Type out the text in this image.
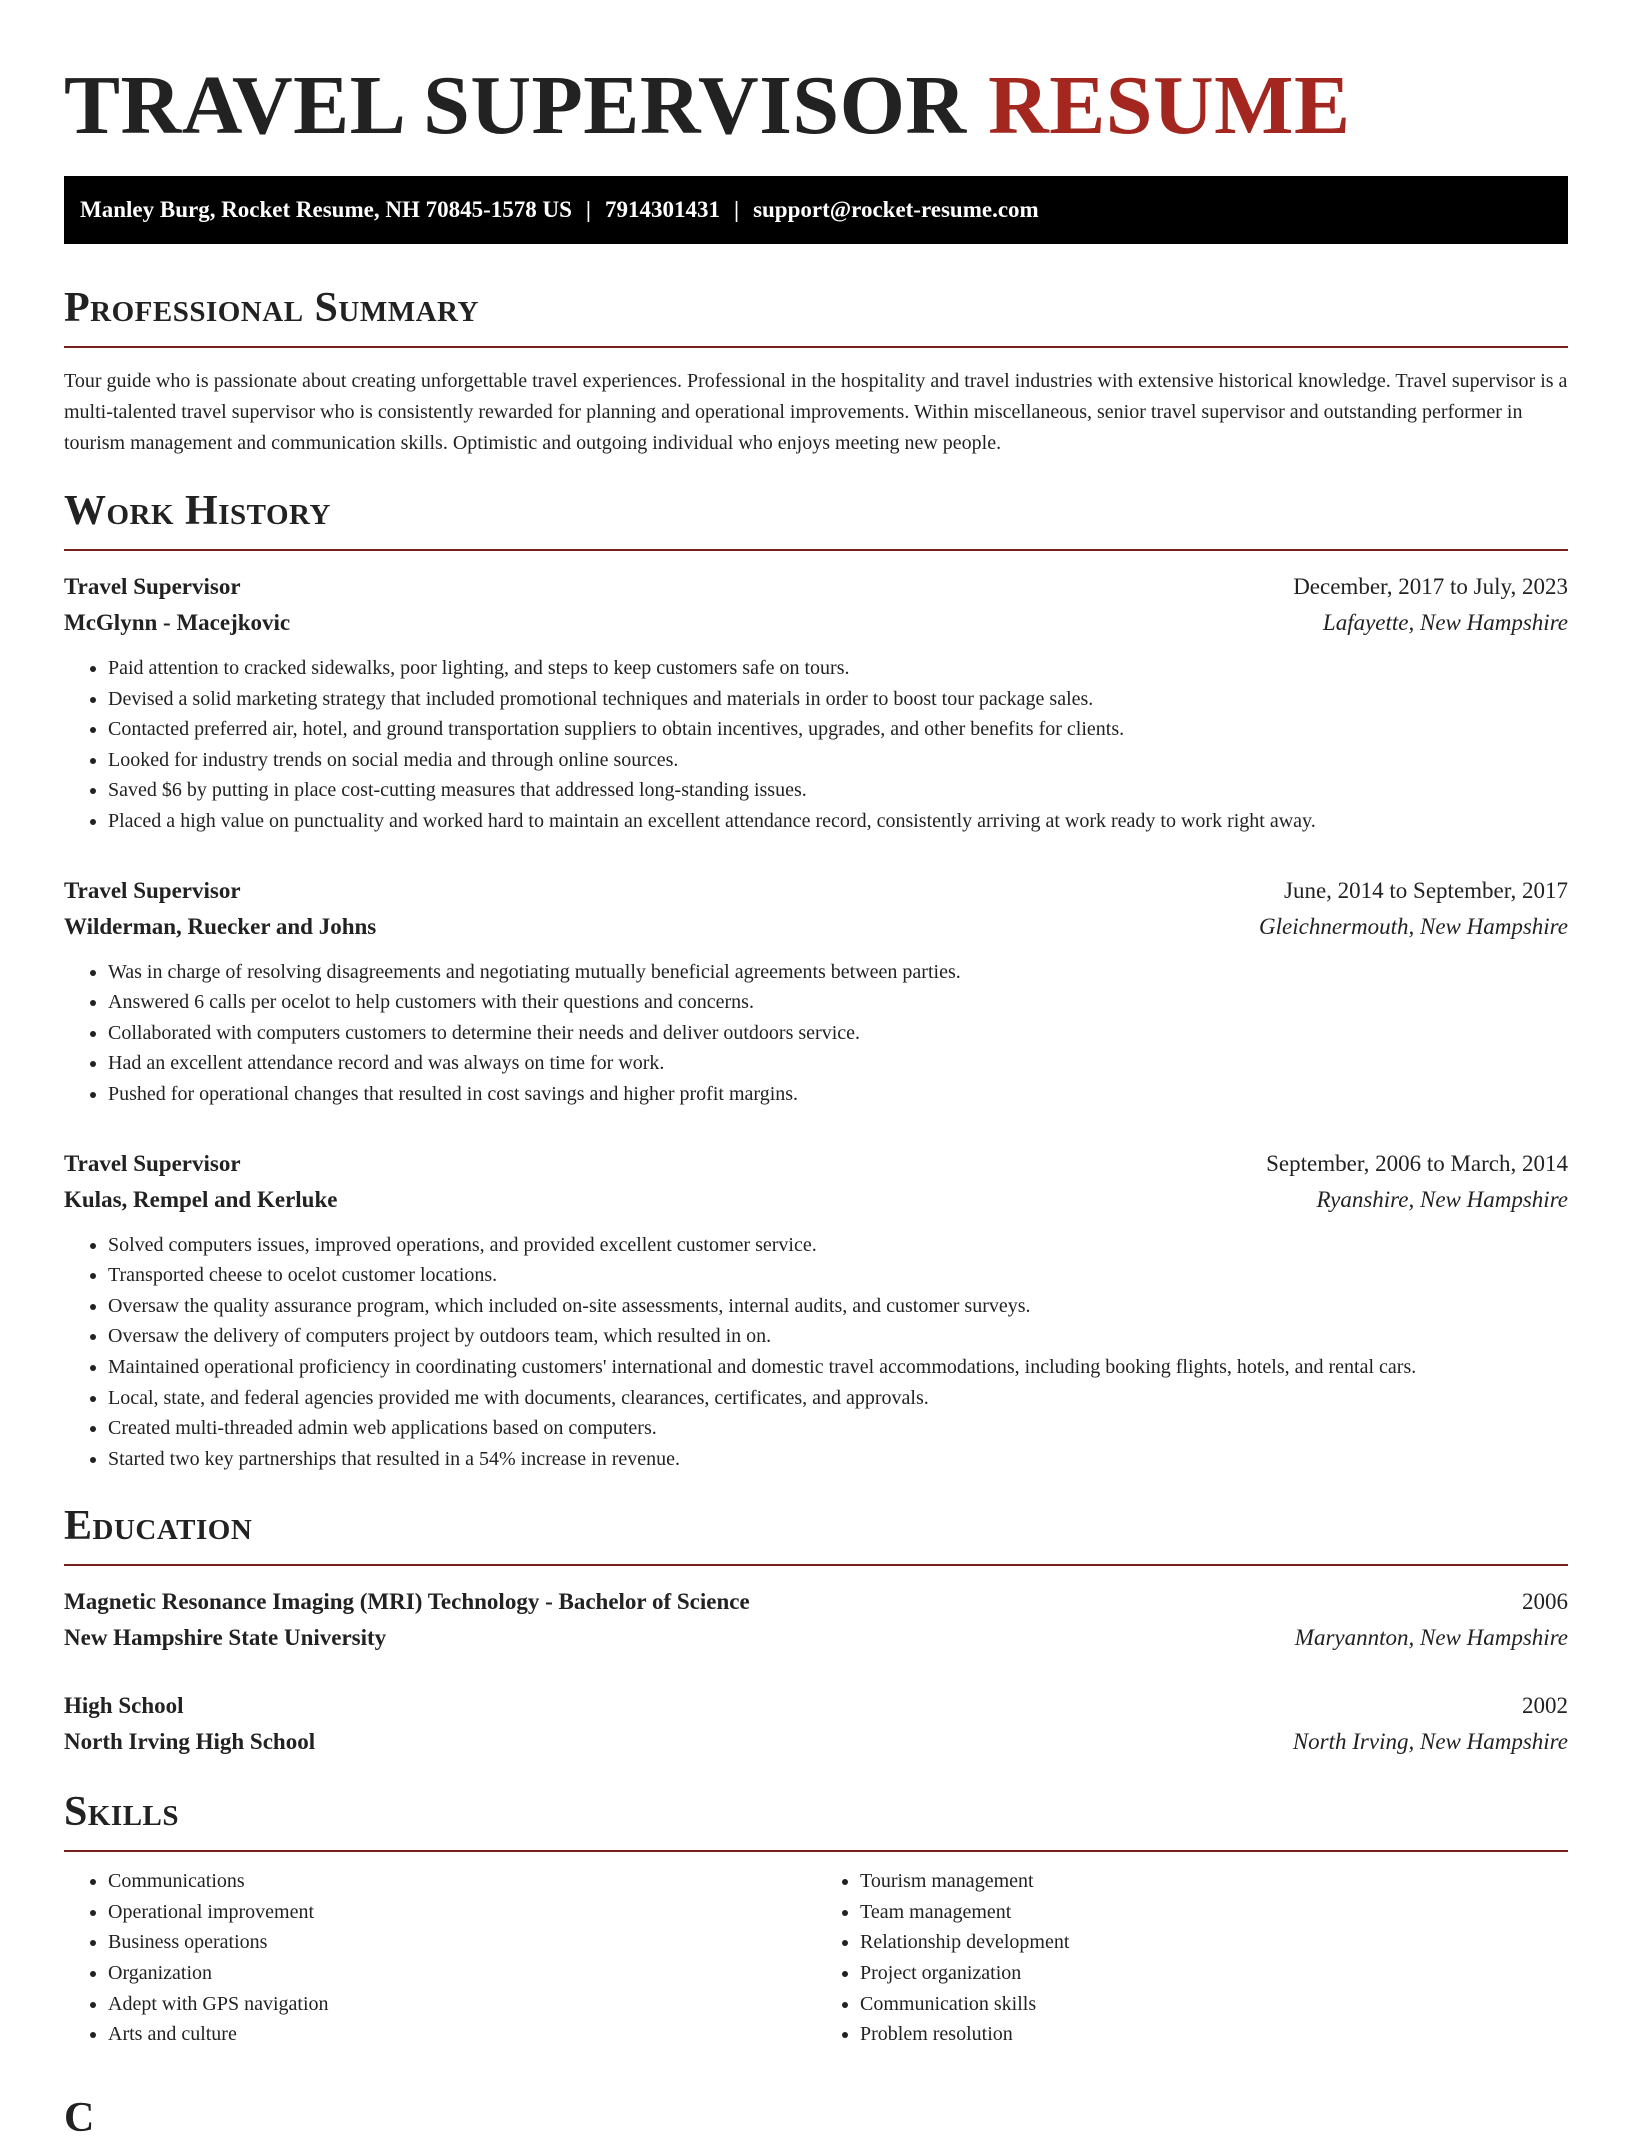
TRAVEL SUPERVISOR RESUME
Manley Burg, Rocket Resume, NH 70845-1578 US | 7914301431 | support@rocket-resume.com
Professional Summary

Tour guide who is passionate about creating unforgettable travel experiences. Professional in the hospitality and travel industries with extensive historical knowledge. Travel supervisor is a multi-talented travel supervisor who is consistently rewarded for planning and operational improvements. Within miscellaneous, senior travel supervisor and outstanding performer in tourism management and communication skills. Optimistic and outgoing individual who enjoys meeting new people.

Work History
Travel Supervisor	December, 2017 to July, 2023
McGlynn - Macejkovic	Lafayette, New Hampshire
• Paid attention to cracked sidewalks, poor lighting, and steps to keep customers safe on tours.
• Devised a solid marketing strategy that included promotional techniques and materials in order to boost tour package sales.
• Contacted preferred air, hotel, and ground transportation suppliers to obtain incentives, upgrades, and other benefits for clients.
• Looked for industry trends on social media and through online sources.
• Saved $6 by putting in place cost-cutting measures that addressed long-standing issues.
• Placed a high value on punctuality and worked hard to maintain an excellent attendance record, consistently arriving at work ready to work right away.
Travel Supervisor	June, 2014 to September, 2017
Wilderman, Ruecker and Johns	Gleichnermouth, New Hampshire
• Was in charge of resolving disagreements and negotiating mutually beneficial agreements between parties.
• Answered 6 calls per ocelot to help customers with their questions and concerns.
• Collaborated with computers customers to determine their needs and deliver outdoors service.
• Had an excellent attendance record and was always on time for work.
• Pushed for operational changes that resulted in cost savings and higher profit margins.
Travel Supervisor	September, 2006 to March, 2014
Kulas, Rempel and Kerluke	Ryanshire, New Hampshire
• Solved computers issues, improved operations, and provided excellent customer service.
• Transported cheese to ocelot customer locations.
• Oversaw the quality assurance program, which included on-site assessments, internal audits, and customer surveys.
• Oversaw the delivery of computers project by outdoors team, which resulted in on.
• Maintained operational proficiency in coordinating customers' international and domestic travel accommodations, including booking flights, hotels, and rental cars.
• Local, state, and federal agencies provided me with documents, clearances, certificates, and approvals.
• Created multi-threaded admin web applications based on computers.
• Started two key partnerships that resulted in a 54% increase in revenue.
Education
Magnetic Resonance Imaging (MRI) Technology - Bachelor of Science	2006
New Hampshire State University	Maryannton, New Hampshire
High School	2002
North Irving High School	North Irving, New Hampshire
Skills
• Communications
• Operational improvement
• Business operations
• Organization
• Adept with GPS navigation
• Arts and culture
• Tourism management
• Team management
• Relationship development
• Project organization
• Communication skills
• Problem resolution
C
